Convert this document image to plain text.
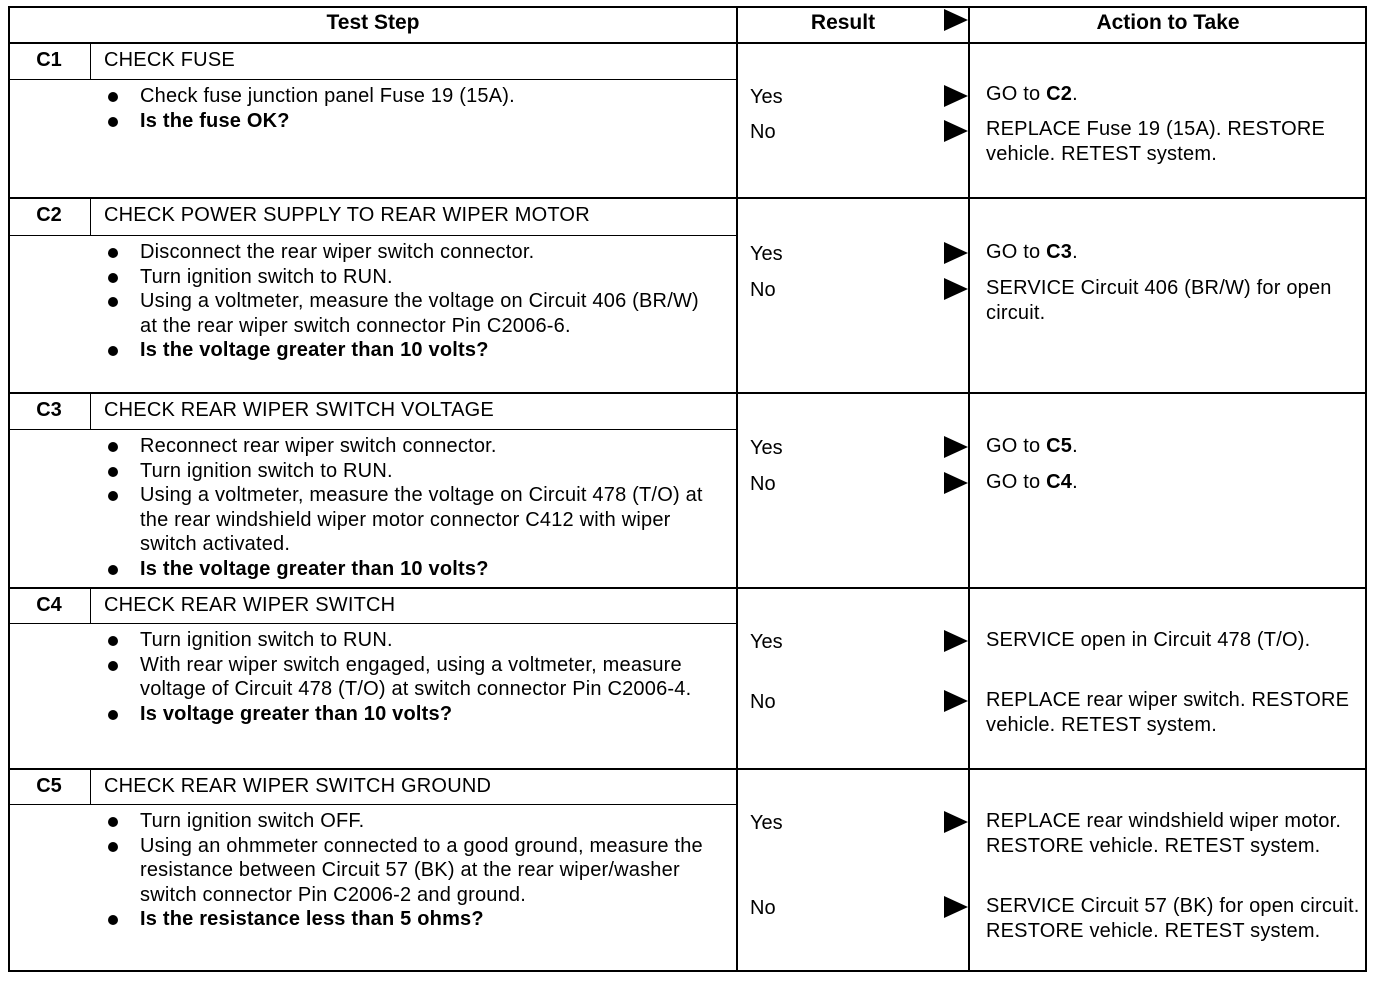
Test Step	Result	Action to Take
C1	CHECK FUSE
Check fuse junction panel Fuse 19 (15A).
Is the fuse OK?
Yes	GO to C2.
No	REPLACE Fuse 19 (15A). RESTORE vehicle. RETEST system.
C2	CHECK POWER SUPPLY TO REAR WIPER MOTOR
Disconnect the rear wiper switch connector.
Turn ignition switch to RUN.
Using a voltmeter, measure the voltage on Circuit 406 (BR/W) at the rear wiper switch connector Pin C2006-6.
Is the voltage greater than 10 volts?
Yes	GO to C3.
No	SERVICE Circuit 406 (BR/W) for open circuit.
C3	CHECK REAR WIPER SWITCH VOLTAGE
Reconnect rear wiper switch connector.
Turn ignition switch to RUN.
Using a voltmeter, measure the voltage on Circuit 478 (T/O) at the rear windshield wiper motor connector C412 with wiper switch activated.
Is the voltage greater than 10 volts?
Yes	GO to C5.
No	GO to C4.
C4	CHECK REAR WIPER SWITCH
Turn ignition switch to RUN.
With rear wiper switch engaged, using a voltmeter, measure voltage of Circuit 478 (T/O) at switch connector Pin C2006-4.
Is voltage greater than 10 volts?
Yes	SERVICE open in Circuit 478 (T/O).
No	REPLACE rear wiper switch. RESTORE vehicle. RETEST system.
C5	CHECK REAR WIPER SWITCH GROUND
Turn ignition switch OFF.
Using an ohmmeter connected to a good ground, measure the resistance between Circuit 57 (BK) at the rear wiper/washer switch connector Pin C2006-2 and ground.
Is the resistance less than 5 ohms?
Yes	REPLACE rear windshield wiper motor. RESTORE vehicle. RETEST system.
No	SERVICE Circuit 57 (BK) for open circuit. RESTORE vehicle. RETEST system.
